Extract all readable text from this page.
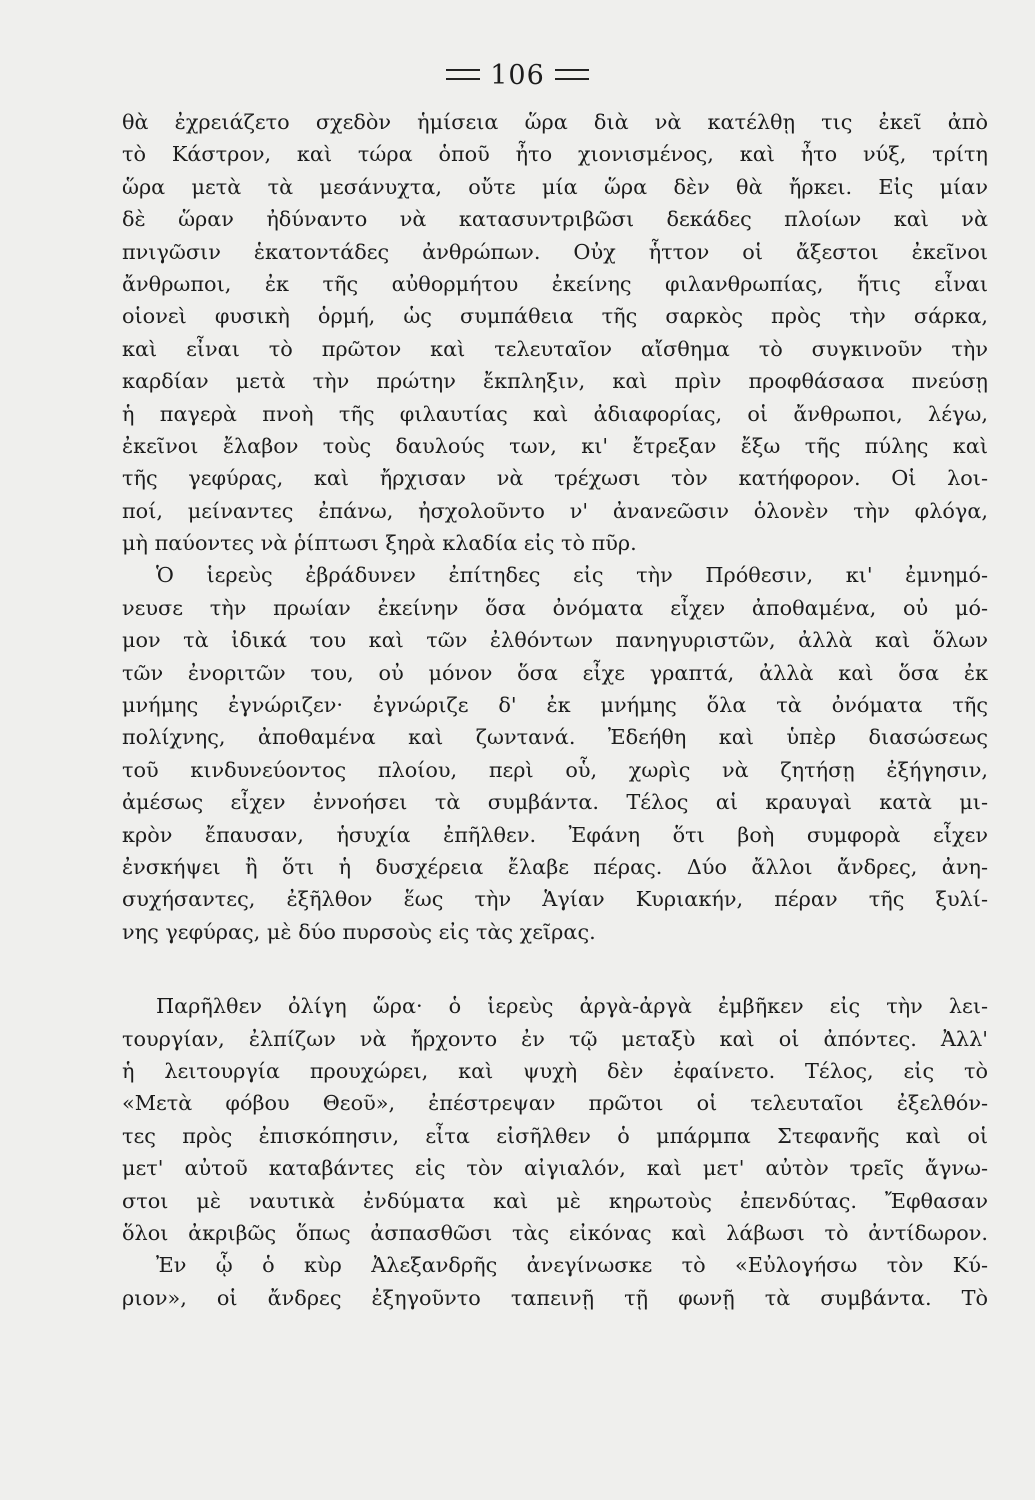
106
θὰ ἐχρειάζετο σχεδὸν ἡμίσεια ὥρα διὰ νὰ κατέλθῃ τις ἐκεῖ ἀπὸ
τὸ Κάστρον, καὶ τώρα ὁποῦ ἦτο χιονισμένος, καὶ ἦτο νύξ, τρίτη
ὥρα μετὰ τὰ μεσάνυχτα, οὔτε μία ὥρα δὲν θὰ ἤρκει. Εἰς μίαν
δὲ ὥραν ἠδύναντο νὰ κατασυντριβῶσι δεκάδες πλοίων καὶ νὰ
πνιγῶσιν ἑκατοντάδες ἀνθρώπων. Οὐχ ἧττον οἱ ἄξεστοι ἐκεῖνοι
ἄνθρωποι, ἐκ τῆς αὐθορμήτου ἐκείνης φιλανθρωπίας, ἥτις εἶναι
οἱονεὶ φυσικὴ ὁρμή, ὡς συμπάθεια τῆς σαρκὸς πρὸς τὴν σάρκα,
καὶ εἶναι τὸ πρῶτον καὶ τελευταῖον αἴσθημα τὸ συγκινοῦν τὴν
καρδίαν μετὰ τὴν πρώτην ἔκπληξιν, καὶ πρὶν προφθάσασα πνεύσῃ
ἡ παγερὰ πνοὴ τῆς φιλαυτίας καὶ ἀδιαφορίας, οἱ ἄνθρωποι, λέγω,
ἐκεῖνοι ἔλαβον τοὺς δαυλούς των, κι' ἔτρεξαν ἔξω τῆς πύλης καὶ
τῆς γεφύρας, καὶ ἤρχισαν νὰ τρέχωσι τὸν κατήφορον. Οἱ λοι-
ποί, μείναντες ἐπάνω, ἠσχολοῦντο ν' ἀνανεῶσιν ὁλονὲν τὴν φλόγα,
μὴ παύοντες νὰ ῥίπτωσι ξηρὰ κλαδία εἰς τὸ πῦρ.
Ὁ ἱερεὺς ἐβράδυνεν ἐπίτηδες εἰς τὴν Πρόθεσιν, κι' ἐμνημό-
νευσε τὴν πρωίαν ἐκείνην ὅσα ὀνόματα εἶχεν ἀποθαμένα, οὐ μό-
μον τὰ ἰδικά του καὶ τῶν ἐλθόντων πανηγυριστῶν, ἀλλὰ καὶ ὅλων
τῶν ἐνοριτῶν του, οὐ μόνον ὅσα εἶχε γραπτά, ἀλλὰ καὶ ὅσα ἐκ
μνήμης ἐγνώριζεν· ἐγνώριζε δ' ἐκ μνήμης ὅλα τὰ ὀνόματα τῆς
πολίχνης, ἀποθαμένα καὶ ζωντανά. Ἐδεήθη καὶ ὑπὲρ διασώσεως
τοῦ κινδυνεύοντος πλοίου, περὶ οὗ, χωρὶς νὰ ζητήσῃ ἐξήγησιν,
ἀμέσως εἶχεν ἐννοήσει τὰ συμβάντα. Τέλος αἱ κραυγαὶ κατὰ μι-
κρὸν ἔπαυσαν, ἡσυχία ἐπῆλθεν. Ἐφάνη ὅτι βοὴ συμφορὰ εἶχεν
ἐνσκήψει ἢ ὅτι ἡ δυσχέρεια ἔλαβε πέρας. Δύο ἄλλοι ἄνδρες, ἀνη-
συχήσαντες, ἐξῆλθον ἕως τὴν Ἁγίαν Κυριακήν, πέραν τῆς ξυλί-
νης γεφύρας, μὲ δύο πυρσοὺς εἰς τὰς χεῖρας.
Παρῆλθεν ὀλίγη ὥρα· ὁ ἱερεὺς ἀργὰ-ἀργὰ ἐμβῆκεν εἰς τὴν λει-
τουργίαν, ἐλπίζων νὰ ἤρχοντο ἐν τῷ μεταξὺ καὶ οἱ ἀπόντες. Ἀλλ'
ἡ λειτουργία προυχώρει, καὶ ψυχὴ δὲν ἐφαίνετο. Τέλος, εἰς τὸ
«Μετὰ φόβου Θεοῦ», ἐπέστρεψαν πρῶτοι οἱ τελευταῖοι ἐξελθόν-
τες πρὸς ἐπισκόπησιν, εἶτα εἰσῆλθεν ὁ μπάρμπα Στεφανῆς καὶ οἱ
μετ' αὐτοῦ καταβάντες εἰς τὸν αἰγιαλόν, καὶ μετ' αὐτὸν τρεῖς ἄγνω-
στοι μὲ ναυτικὰ ἐνδύματα καὶ μὲ κηρωτοὺς ἐπενδύτας. Ἔφθασαν
ὅλοι ἀκριβῶς ὅπως ἀσπασθῶσι τὰς εἰκόνας καὶ λάβωσι τὸ ἀντίδωρον.
Ἐν ᾧ ὁ κὺρ Ἀλεξανδρῆς ἀνεγίνωσκε τὸ «Εὐλογήσω τὸν Κύ-
ριον», οἱ ἄνδρες ἐξηγοῦντο ταπεινῇ τῇ φωνῇ τὰ συμβάντα. Τὸ
